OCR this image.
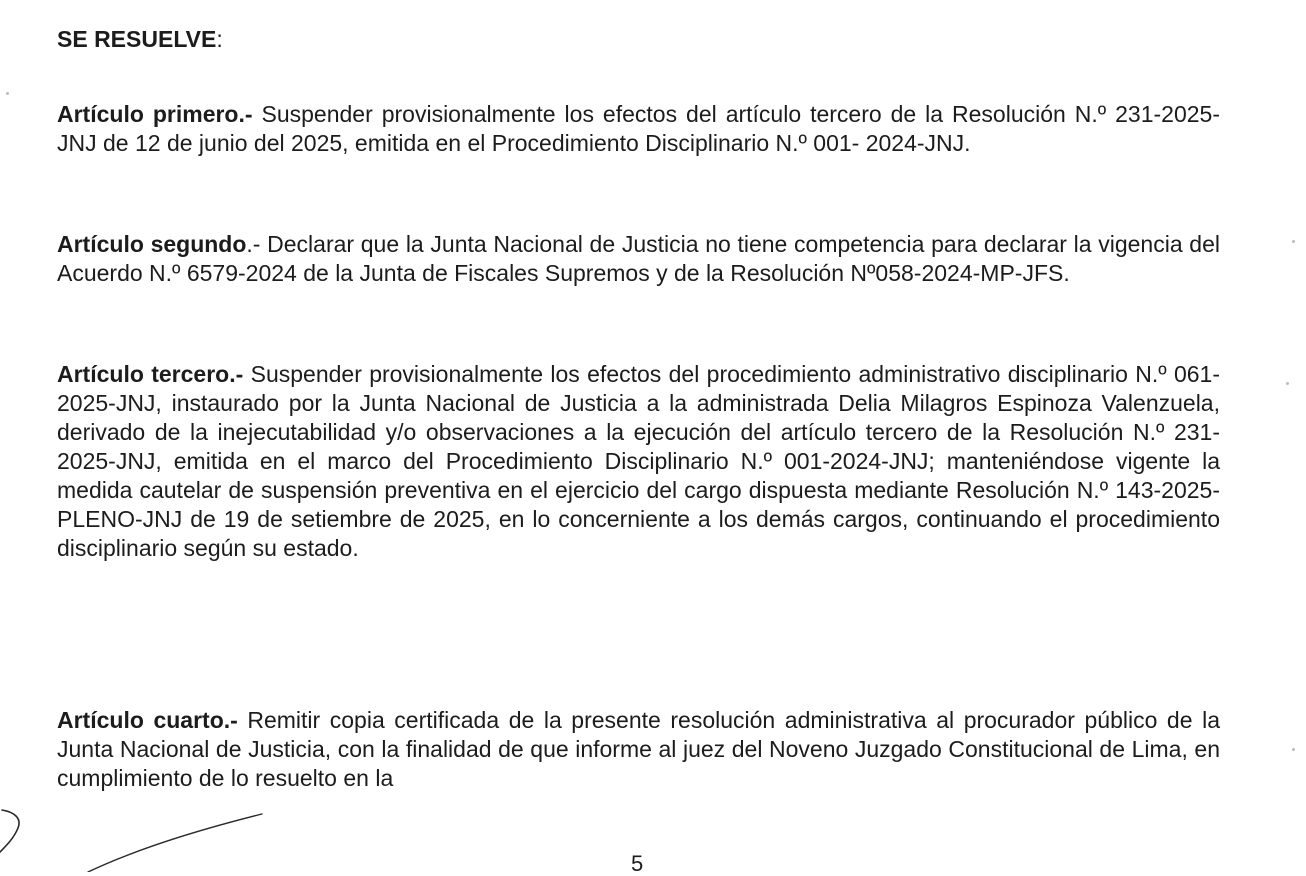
SE RESUELVE:

Artículo primero.- Suspender provisionalmente los efectos del artículo tercero de la Resolución N.º 231-2025-JNJ de 12 de junio del 2025, emitida en el Procedimiento Disciplinario N.º 001- 2024-JNJ.

Artículo segundo.- Declarar que la Junta Nacional de Justicia no tiene competencia para declarar la vigencia del Acuerdo N.º 6579-2024 de la Junta de Fiscales Supremos y de la Resolución Nº058-2024-MP-JFS.

Artículo tercero.- Suspender provisionalmente los efectos del procedimiento administrativo disciplinario N.º 061-2025-JNJ, instaurado por la Junta Nacional de Justicia a la administrada Delia Milagros Espinoza Valenzuela, derivado de la inejecutabilidad y/o observaciones a la ejecución del artículo tercero de la Resolución N.º 231-2025-JNJ, emitida en el marco del Procedimiento Disciplinario N.º 001-2024-JNJ; manteniéndose vigente la medida cautelar de suspensión preventiva en el ejercicio del cargo dispuesta mediante Resolución N.º 143-2025-PLENO-JNJ de 19 de setiembre de 2025, en lo concerniente a los demás cargos, continuando el procedimiento disciplinario según su estado.

Artículo cuarto.- Remitir copia certificada de la presente resolución administrativa al procurador público de la Junta Nacional de Justicia, con la finalidad de que informe al juez del Noveno Juzgado Constitucional de Lima, en cumplimiento de lo resuelto en la

5
